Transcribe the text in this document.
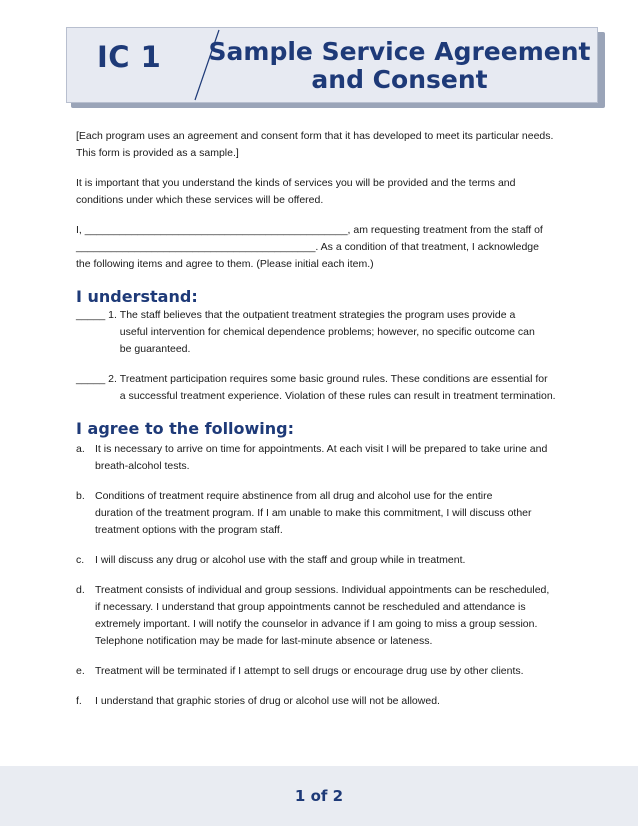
IC 1 Sample Service Agreement
and Consent

[Each program uses an agreement and consent form that it has developed to meet its particular needs.
This form is provided as a sample.]

It is important that you understand the kinds of services you will be provided and the terms and
conditions under which these services will be offered.

I, _____________________________________________, am requesting treatment from the staff of
_________________________________________. As a condition of that treatment, I acknowledge
the following items and agree to them. (Please initial each item.)

I understand:
_____ 1. The staff believes that the outpatient treatment strategies the program uses provide a
useful intervention for chemical dependence problems; however, no specific outcome can
be guaranteed.
_____ 2. Treatment participation requires some basic ground rules. These conditions are essential for
a successful treatment experience. Violation of these rules can result in treatment termination.
I agree to the following:
a. It is necessary to arrive on time for appointments. At each visit I will be prepared to take urine and
breath-alcohol tests.
b. Conditions of treatment require abstinence from all drug and alcohol use for the entire
duration of the treatment program. If I am unable to make this commitment, I will discuss other
treatment options with the program staff.
c.	I will discuss any drug or alcohol use with the staff and group while in treatment.
d. Treatment consists of individual and group sessions. Individual appointments can be rescheduled,
if necessary. I understand that group appointments cannot be rescheduled and attendance is
extremely important. I will notify the counselor in advance if I am going to miss a group session.
Telephone notification may be made for last-minute absence or lateness.
e. Treatment will be terminated if I attempt to sell drugs or encourage drug use by other clients.
f.	I understand that graphic stories of drug or alcohol use will not be allowed.
1 of 2
